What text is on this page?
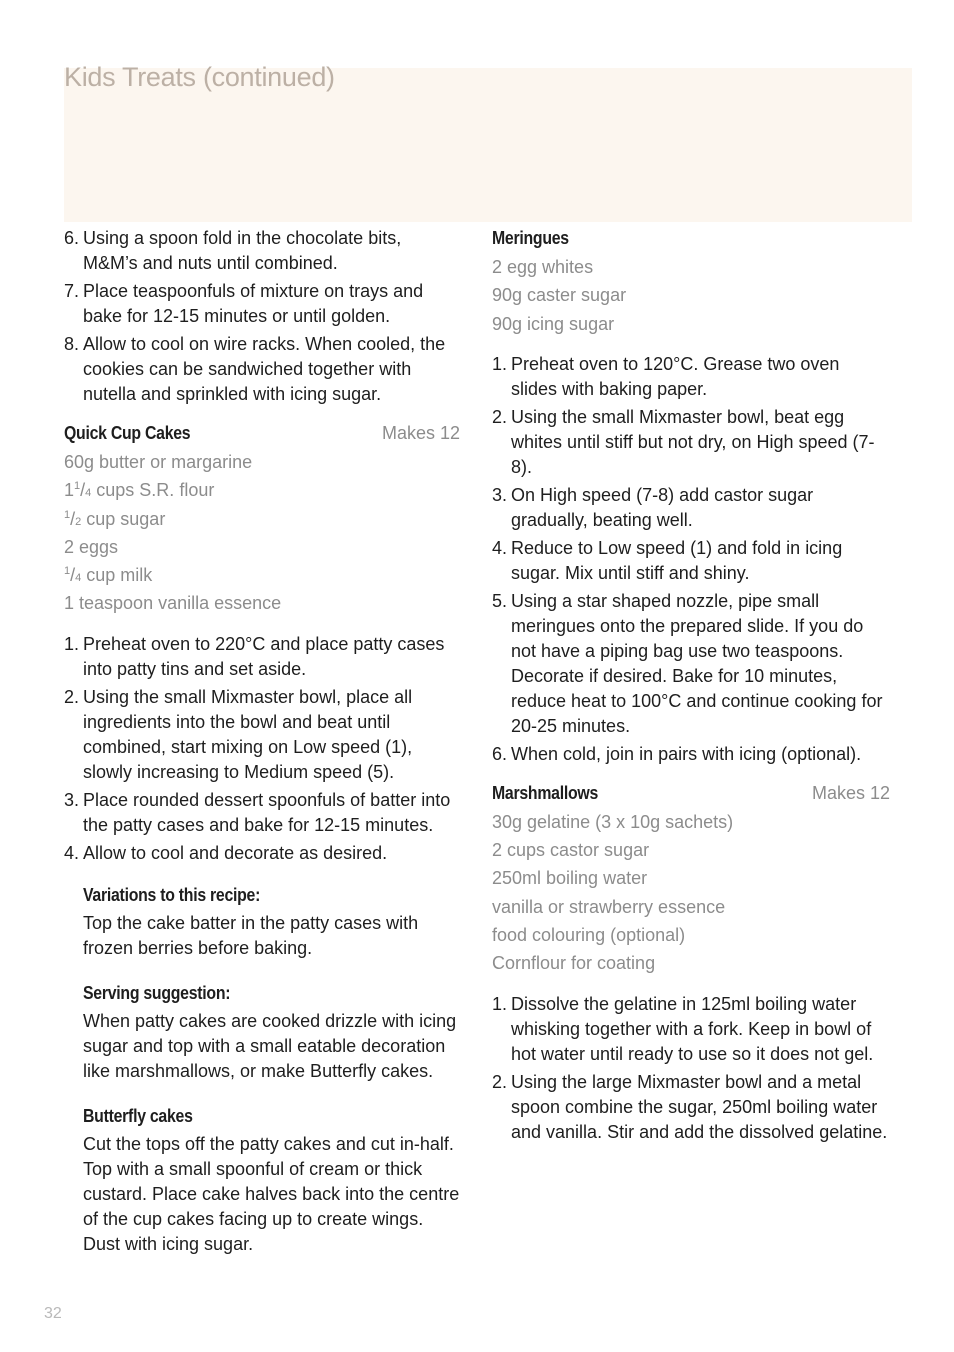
Kids Treats (continued)
6. Using a spoon fold in the chocolate bits, M&M’s and nuts until combined.
7. Place teaspoonfuls of mixture on trays and bake for 12-15 minutes or until golden.
8. Allow to cool on wire racks. When cooled, the cookies can be sandwiched together with nutella and sprinkled with icing sugar.
Quick Cup Cakes	Makes 12
60g butter or margarine
$1^1/4$ cups S.R. flour
$^1$/2 cup sugar
2 eggs
$^1$/4 cup milk
1 teaspoon vanilla essence
1. Preheat oven to 220°C and place patty cases into patty tins and set aside.
2. Using the small Mixmaster bowl, place all ingredients into the bowl and beat until combined, start mixing on Low speed (1), slowly increasing to Medium speed (5).
3. Place rounded dessert spoonfuls of batter into the patty cases and bake for 12-15 minutes.
4. Allow to cool and decorate as desired.
Variations to this recipe:
Top the cake batter in the patty cases with frozen berries before baking.
Serving suggestion:
When patty cakes are cooked drizzle with icing sugar and top with a small eatable decoration like marshmallows, or make Butterfly cakes.
Butterfly cakes
Cut the tops off the patty cakes and cut in-half. Top with a small spoonful of cream or thick custard. Place cake halves back into the centre of the cup cakes facing up to create wings. Dust with icing sugar.
Meringues
2 egg whites
90g caster sugar
90g icing sugar
1. Preheat oven to 120°C. Grease two oven slides with baking paper.
2. Using the small Mixmaster bowl, beat egg whites until stiff but not dry, on High speed (7-8).
3. On High speed (7-8) add castor sugar gradually, beating well.
4. Reduce to Low speed (1) and fold in icing sugar. Mix until stiff and shiny.
5. Using a star shaped nozzle, pipe small meringues onto the prepared slide. If you do not have a piping bag use two teaspoons. Decorate if desired. Bake for 10 minutes, reduce heat to 100°C and continue cooking for 20-25 minutes.
6. When cold, join in pairs with icing (optional).
Marshmallows	Makes 12
30g gelatine (3 x 10g sachets)
2 cups castor sugar
250ml boiling water
vanilla or strawberry essence
food colouring (optional)
Cornflour for coating
1. Dissolve the gelatine in 125ml boiling water whisking together with a fork. Keep in bowl of hot water until ready to use so it does not gel.
2. Using the large Mixmaster bowl and a metal spoon combine the sugar, 250ml boiling water and vanilla. Stir and add the dissolved gelatine.
32
